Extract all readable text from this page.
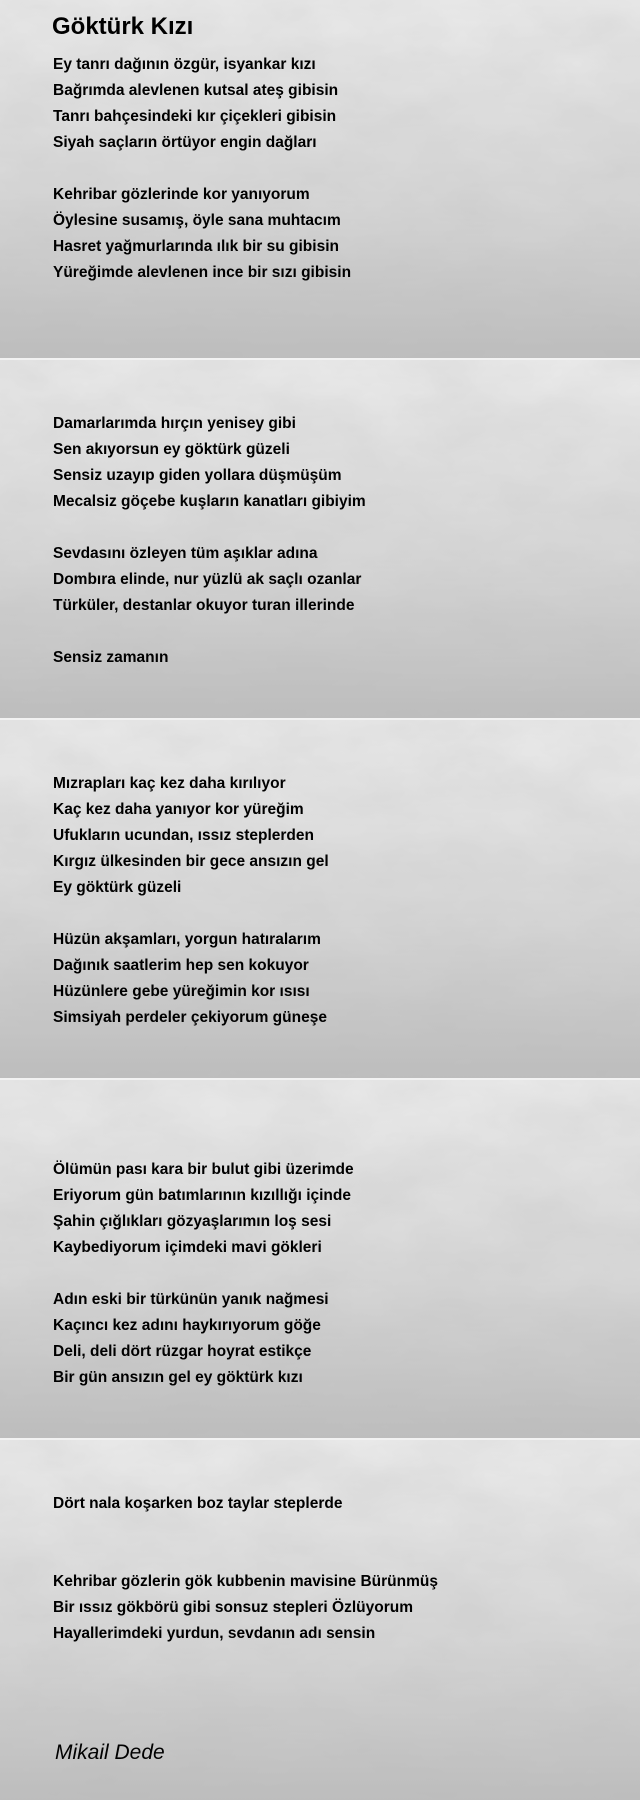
Göktürk Kızı
Ey tanrı dağının özgür, isyankar kızı
Bağrımda alevlenen kutsal ateş gibisin
Tanrı bahçesindeki kır çiçekleri gibisin
Siyah saçların örtüyor engin dağları
Kehribar gözlerinde kor yanıyorum
Öylesine susamış, öyle sana muhtacım
Hasret yağmurlarında ılık bir su gibisin
Yüreğimde alevlenen ince bir sızı gibisin
Damarlarımda hırçın yenisey gibi
Sen akıyorsun ey göktürk güzeli
Sensiz uzayıp giden yollara düşmüşüm
Mecalsiz göçebe kuşların kanatları gibiyim
Sevdasını özleyen tüm aşıklar adına
Dombıra elinde, nur yüzlü ak saçlı ozanlar
Türküler, destanlar okuyor turan illerinde
Sensiz zamanın
Mızrapları kaç kez daha kırılıyor
Kaç kez daha yanıyor kor yüreğim
Ufukların ucundan, ıssız steplerden
Kırgız ülkesinden bir gece ansızın gel
Ey göktürk güzeli
Hüzün akşamları, yorgun hatıralarım
Dağınık saatlerim hep sen kokuyor
Hüzünlere gebe yüreğimin kor ısısı
Simsiyah perdeler çekiyorum güneşe
Ölümün pası kara bir bulut gibi üzerimde
Eriyorum gün batımlarının kızıllığı içinde
Şahin çığlıkları gözyaşlarımın loş sesi
Kaybediyorum içimdeki mavi gökleri
Adın eski bir türkünün yanık nağmesi
Kaçıncı kez adını haykırıyorum göğe
Deli, deli dört rüzgar hoyrat estikçe
Bir gün ansızın gel ey göktürk kızı
Dört nala koşarken boz taylar steplerde
Kehribar gözlerin gök kubbenin mavisine Bürünmüş
Bir ıssız gökbörü gibi sonsuz stepleri Özlüyorum
Hayallerimdeki yurdun, sevdanın adı sensin
Mikail Dede
